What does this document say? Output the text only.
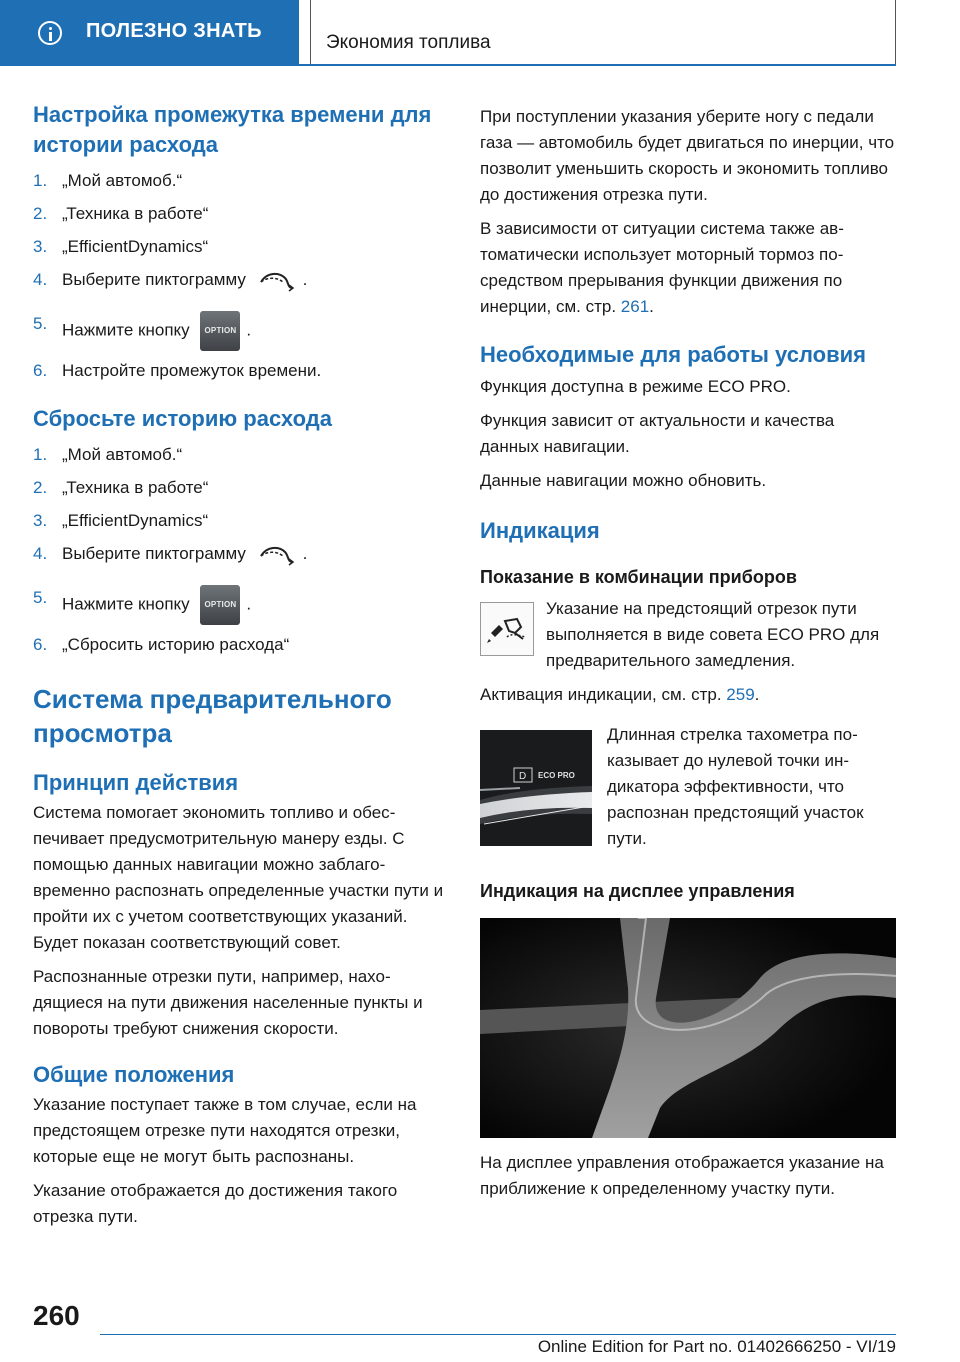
ПОЛЕЗНО ЗНАТЬ
Экономия топлива
Настройка промежутка времени для истории расхода
1. „Мой автомоб.“
2. „Техника в работе“
3. „EfficientDynamics“
4. Выберите пиктограмму	.
5. Нажмите кнопку OPTION .
6. Настройте промежуток времени.
Сбросьте историю расхода
1. „Мой автомоб.“
2. „Техника в работе“
3. „EfficientDynamics“
4. Выберите пиктограмму	.
5. Нажмите кнопку OPTION .
6. „Сбросить историю расхода“
Система предварительного просмотра
Принцип действия

Система помогает экономить топливо и обеспечивает предусмотрительную манеру езды. С помощью данных навигации можно заблаговременно распознать определенные участки пути и пройти их с учетом соответствующих указаний. Будет показан соответствующий совет.

Распознанные отрезки пути, например, находящиеся на пути движения населенные пункты и повороты требуют снижения скорости.

Общие положения

Указание поступает также в том случае, если на предстоящем отрезке пути находятся отрезки, которые еще не могут быть распознаны.

Указание отображается до достижения такого отрезка пути.

При поступлении указания уберите ногу с педали газа — автомобиль будет двигаться по инерции, что позволит уменьшить скорость и экономить топливо до достижения отрезка пути.

В зависимости от ситуации система также автоматически использует моторный тормоз посредством прерывания функции движения по инерции, см. стр. 261.

Необходимые для работы условия

Функция доступна в режиме ECO PRO.

Функция зависит от актуальности и качества данных навигации.

Данные навигации можно обновить.

Индикация
Показание в комбинации приборов

Указание на предстоящий отрезок пути выполняется в виде совета ECO PRO для предварительного замедления.

Активация индикации, см. стр. 259.

D ECO PRO

Длинная стрелка тахометра показывает до нулевой точки индикатора эффективности, что распознан предстоящий участок пути.

Индикация на дисплее управления

На дисплее управления отображается указание на приближение к определенному участку пути.

260
Online Edition for Part no. 01402666250 - VI/19
